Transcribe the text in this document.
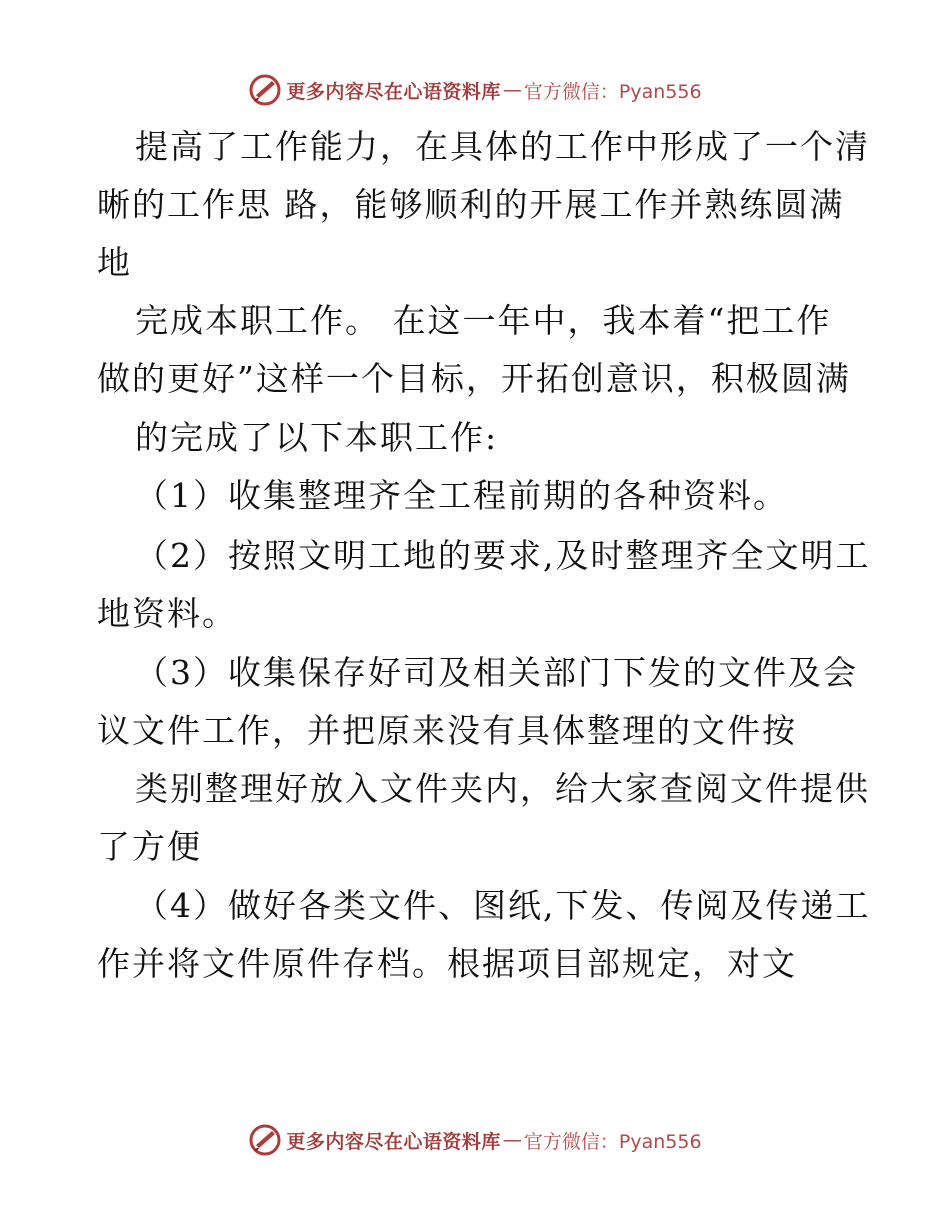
更多内容尽在心语资料库 — 官方微信：Pyan556
提高了工作能力，在具体的工作中形成了一个清
晰的工作思 路，能够顺利的开展工作并熟练圆满
地
完成本职工作。 在这一年中，我本着“把工作
做的更好”这样一个目标，开拓创意识，积极圆满
的完成了以下本职工作:
（1）收集整理齐全工程前期的各种资料。
（2）按照文明工地的要求,及时整理齐全文明工
地资料。
（3）收集保存好司及相关部门下发的文件及会
议文件工作，并把原来没有具体整理的文件按
类别整理好放入文件夹内，给大家查阅文件提供
了方便
（4）做好各类文件、图纸,下发、传阅及传递工
作并将文件原件存档。根据项目部规定，对文
更多内容尽在心语资料库 — 官方微信：Pyan556
